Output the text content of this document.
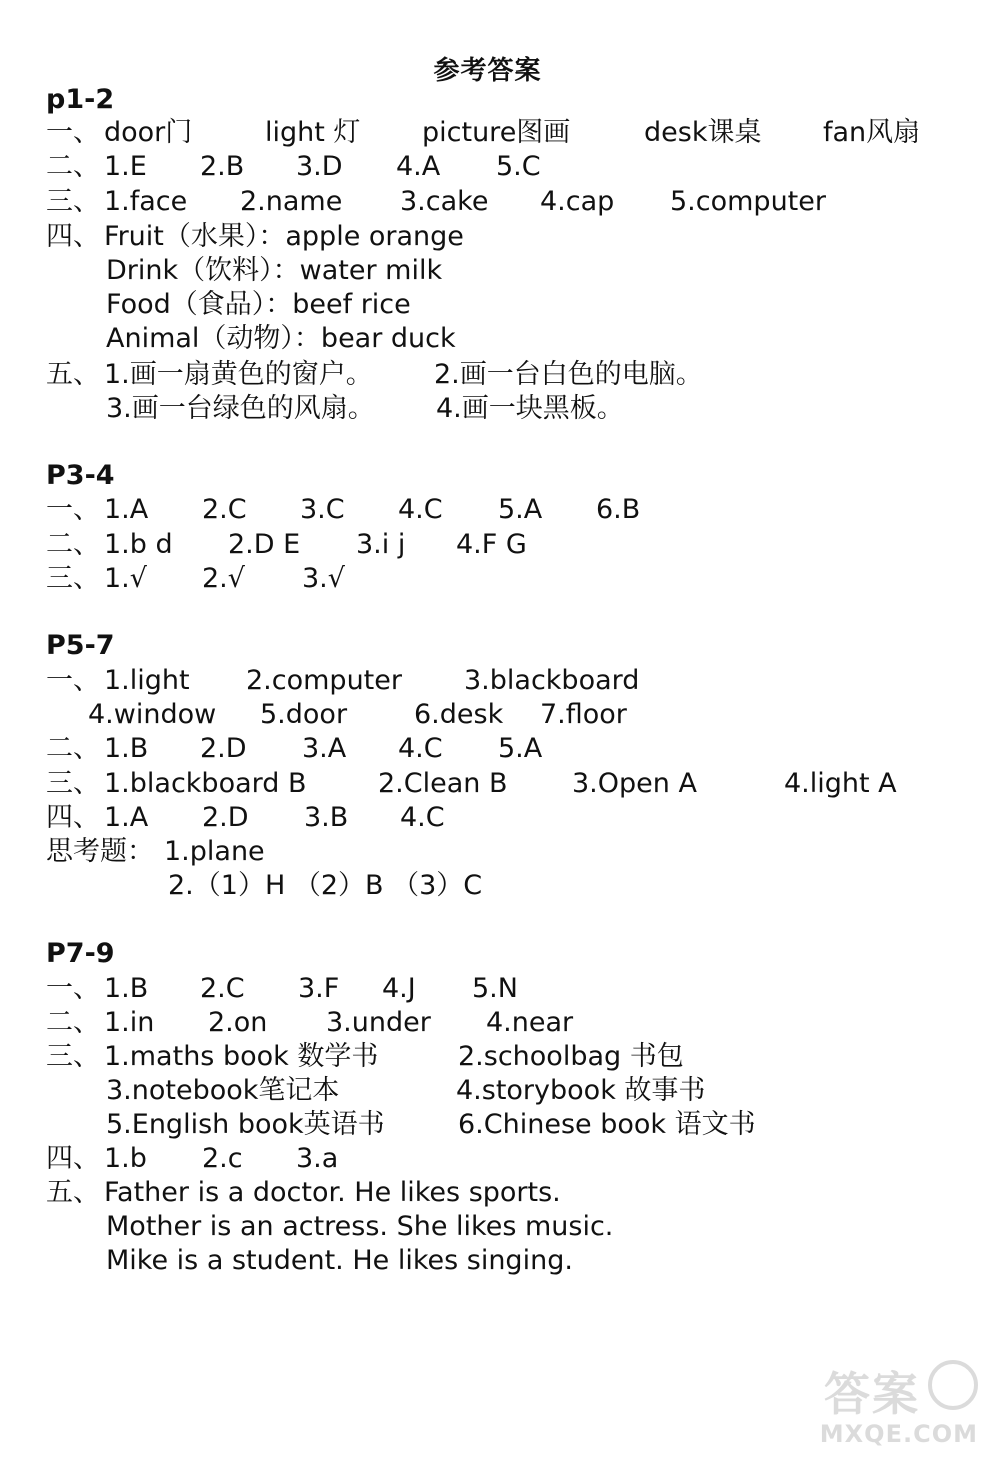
参考答案
p1-2
一、 door门	light 灯 picture图画	desk课桌 fan风扇
二、 1.E 2.B 3.D 4.A 5.C
三、 1.face 2.name 3.cake 4.cap 5.computer
四、 Fruit（水果）：apple orange
Drink（饮料）：water milk
Food（食品）：beef rice
Animal（动物）：bear duck
五、 1.画一扇黄色的窗户。 2.画一台白色的电脑。
3.画一台绿色的风扇。 4.画一块黑板。
P3-4
一、 1.A 2.C 3.C 4.C 5.A 6.B
二、 1.b d 2.D E 3.i j 4.F G
三、 1.√ 2.√ 3.√
P5-7
一、 1.light 2.computer 3.blackboard
4.window 5.door 6.desk 7.floor
二、 1.B 2.D 3.A 4.C 5.A
三、 1.blackboard B	2.Clean B 3.Open A	4.light A
四、 1.A 2.D 3.B 4.C
思考题： 1.plane
2.（1）H （2）B （3）C
P7-9
一、 1.B 2.C 3.F 4.J 5.N
二、 1.in 2.on 3.under 4.near
三、 1.maths book 数学书	2.schoolbag 书包
3.notebook笔记本	4.storybook 故事书
5.English book英语书	6.Chinese book 语文书
四、 1.b 2.c 3.a
五、 Father is a doctor. He likes sports.
Mother is an actress. She likes music.
Mike is a student. He likes singing.
答案
MXQE.COM
